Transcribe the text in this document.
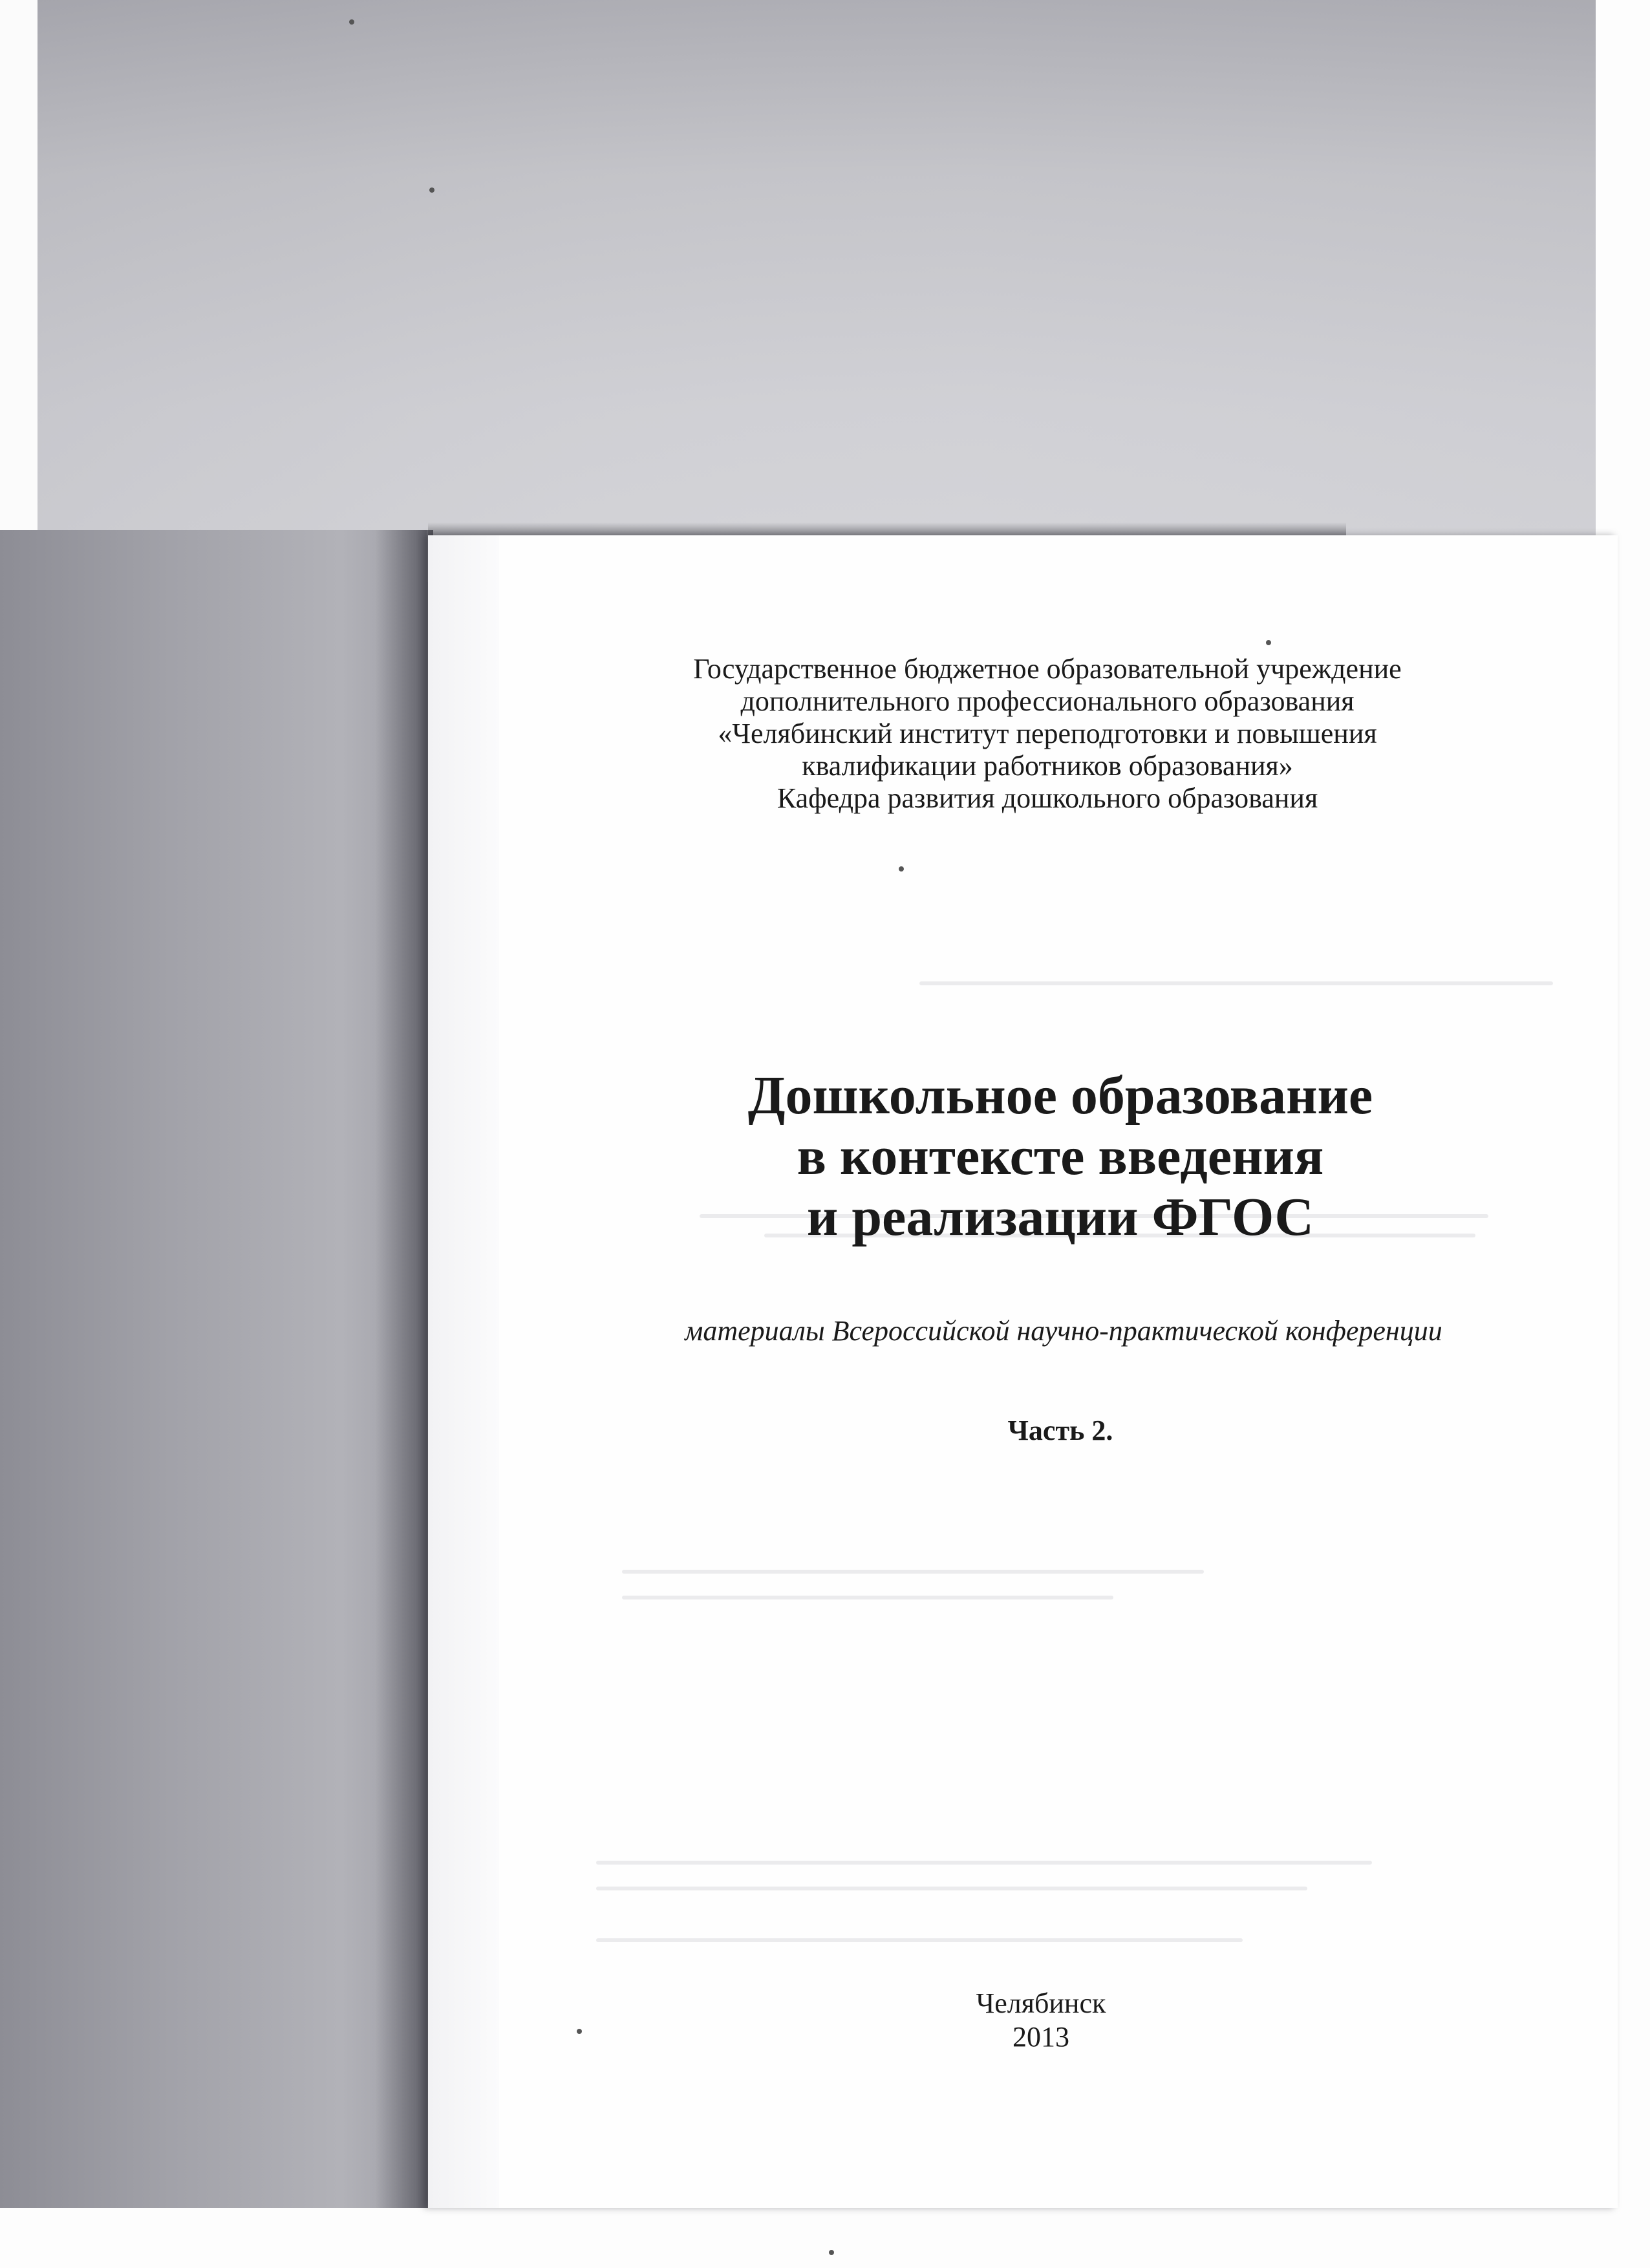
Государственное бюджетное образовательной учреждение
дополнительного профессионального образования
«Челябинский институт переподготовки и повышения
квалификации работников образования»
Кафедра развития дошкольного образования
Дошкольное образование
в контексте введения
и реализации ФГОС
материалы Всероссийской научно-практической конференции
Часть 2.
Челябинск
2013
